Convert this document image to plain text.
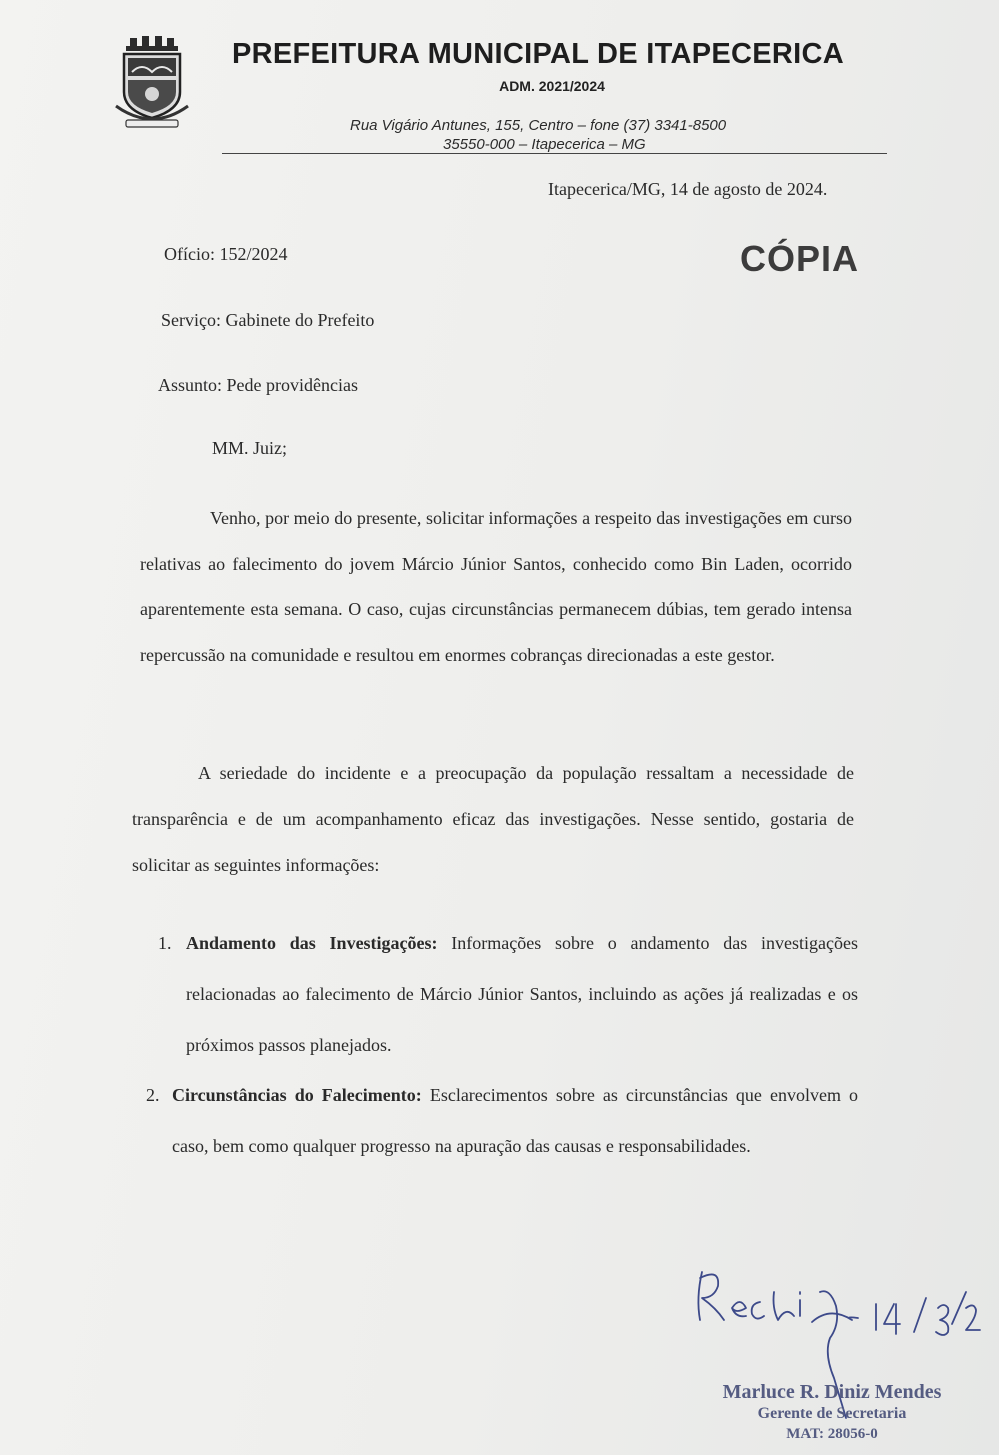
PREFEITURA MUNICIPAL DE ITAPECERICA
ADM. 2021/2024
Rua Vigário Antunes, 155, Centro – fone (37) 3341-8500
35550-000 – Itapecerica – MG
Itapecerica/MG, 14 de agosto de 2024.
Ofício: 152/2024	CÓPIA
Serviço: Gabinete do Prefeito
Assunto: Pede providências
MM. Juiz;
Venho, por meio do presente, solicitar informações a respeito das investigações em curso relativas ao falecimento do jovem Márcio Júnior Santos, conhecido como Bin Laden, ocorrido aparentemente esta semana. O caso, cujas circunstâncias permanecem dúbias, tem gerado intensa repercussão na comunidade e resultou em enormes cobranças direcionadas a este gestor.
A seriedade do incidente e a preocupação da população ressaltam a necessidade de transparência e de um acompanhamento eficaz das investigações. Nesse sentido, gostaria de solicitar as seguintes informações:
1. Andamento das Investigações: Informações sobre o andamento das investigações relacionadas ao falecimento de Márcio Júnior Santos, incluindo as ações já realizadas e os próximos passos planejados.
2. Circunstâncias do Falecimento: Esclarecimentos sobre as circunstâncias que envolvem o caso, bem como qualquer progresso na apuração das causas e responsabilidades.
Marluce R. Diniz Mendes
Gerente de Secretaria
MAT: 28056-0
